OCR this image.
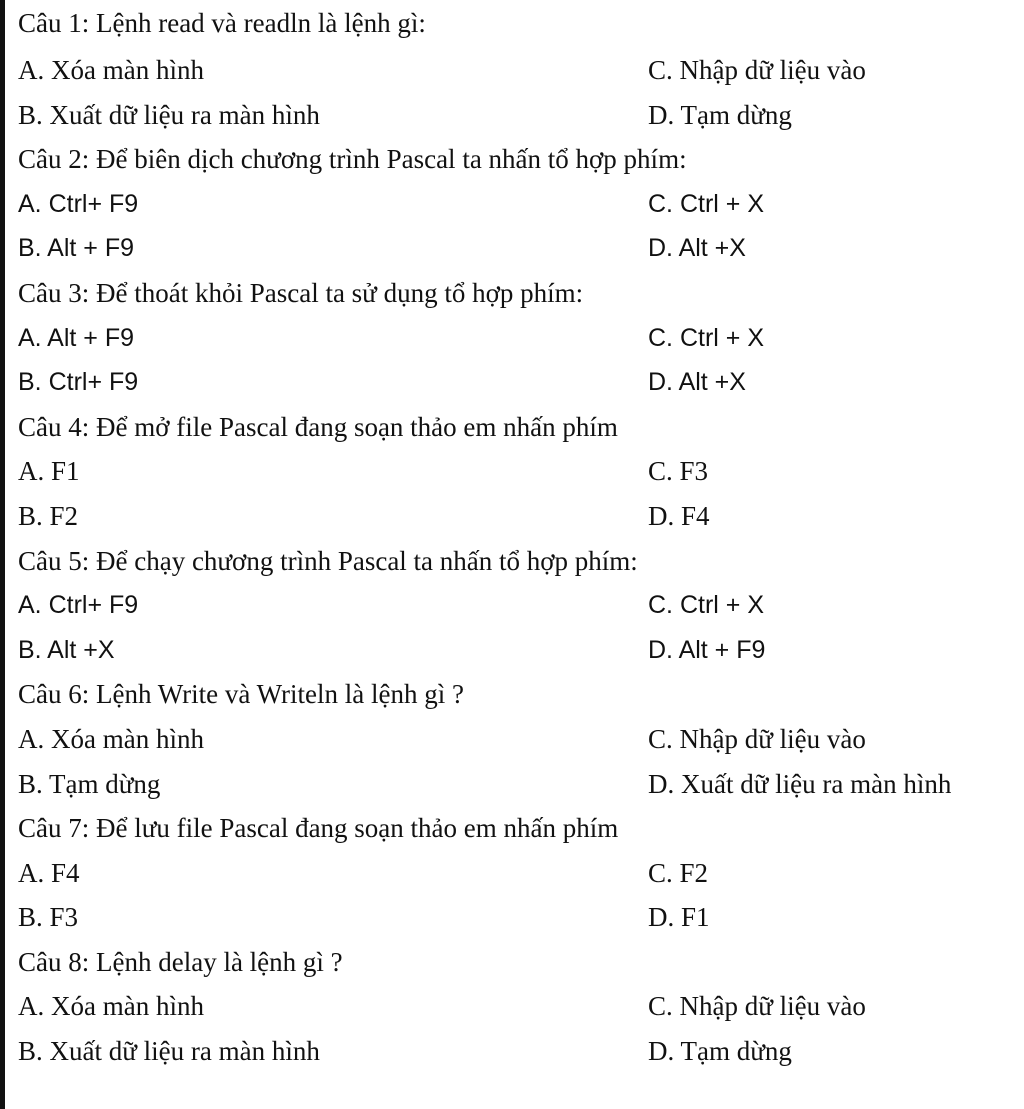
Câu 1: Lệnh read và readln là lệnh gì:
A. Xóa màn hình	C. Nhập dữ liệu vào
B. Xuất dữ liệu ra màn hình	D. Tạm dừng
Câu 2: Để biên dịch chương trình Pascal ta nhấn tổ hợp phím:
A. Ctrl+ F9	C. Ctrl + X
B. Alt + F9	D. Alt +X
Câu 3: Để thoát khỏi Pascal ta sử dụng tổ hợp phím:
A. Alt + F9	C. Ctrl + X
B. Ctrl+ F9	D. Alt +X
Câu 4: Để mở file Pascal đang soạn thảo em nhấn phím
A. F1	C. F3
B. F2	D. F4
Câu 5: Để chạy chương trình Pascal ta nhấn tổ hợp phím:
A. Ctrl+ F9	C. Ctrl + X
B. Alt +X	D. Alt + F9
Câu 6: Lệnh Write và Writeln là lệnh gì ?
A. Xóa màn hình	C. Nhập dữ liệu vào
B. Tạm dừng	D. Xuất dữ liệu ra màn hình
Câu 7: Để lưu file Pascal đang soạn thảo em nhấn phím
A. F4	C. F2
B. F3	D. F1
Câu 8: Lệnh delay là lệnh gì ?
A. Xóa màn hình	C. Nhập dữ liệu vào
B. Xuất dữ liệu ra màn hình	D. Tạm dừng
